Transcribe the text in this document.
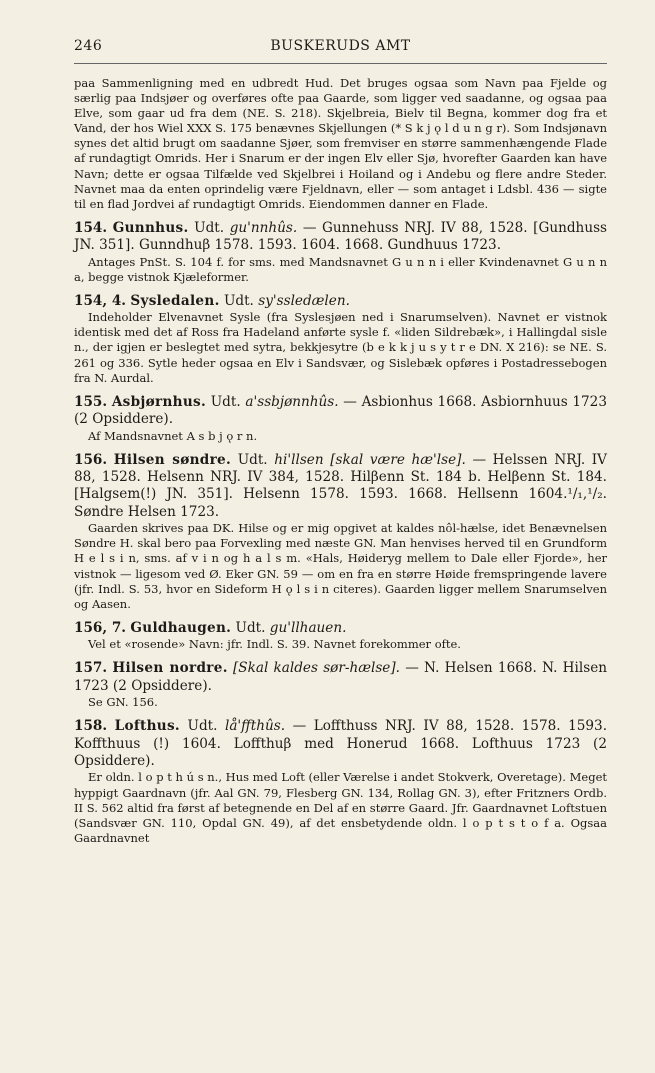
246	BUSKERUDS AMT

paa Sammenligning med en udbredt Hud. Det bruges ogsaa som Navn paa Fjelde og særlig paa Indsjøer og overføres ofte paa Gaarde, som ligger ved saadanne, og ogsaa paa Elve, som gaar ud fra dem (NE. S. 218). Skjelbreia, Bielv til Begna, kommer dog fra et Vand, der hos Wiel XXX S. 175 benævnes Skjellungen (* S k j ǫ l d u n g r). Som Indsjønavn synes det altid brugt om saadanne Sjøer, som fremviser en større sammenhængende Flade af rundagtigt Omrids. Her i Snarum er der ingen Elv eller Sjø, hvorefter Gaarden kan have Navn; dette er ogsaa Tilfælde ved Skjelbrei i Hoiland og i Andebu og flere andre Steder. Navnet maa da enten oprindelig være Fjeldnavn, eller — som antaget i Ldsbl. 436 — sigte til en flad Jordvei af rundagtigt Omrids. Eiendommen danner en Flade.

154. Gunnhus. Udt. gu'nnhûs. — Gunnehuss NRJ. IV 88, 1528. [Gundhuss JN. 351]. Gunndhuβ 1578. 1593. 1604. 1668. Gundhuus 1723.

Antages PnSt. S. 104 f. for sms. med Mandsnavnet G u n n i eller Kvindenavnet G u n n a, begge vistnok Kjæleformer.

154, 4. Sysledalen. Udt. sy'ssledælen.

Indeholder Elvenavnet Sysle (fra Syslesjøen ned i Snarumselven). Navnet er vistnok identisk med det af Ross fra Hadeland anførte sysle f. «liden Sildrebæk», i Hallingdal sisle n., der igjen er beslegtet med sytra, bekkjesytre (b e k k j u s y t r e DN. X 216): se NE. S. 261 og 336. Sytle heder ogsaa en Elv i Sandsvær, og Sislebæk opføres i Postadressebogen fra N. Aurdal.

155. Asbjørnhus. Udt. a'ssbjønnhûs. — Asbionhus 1668. Asbiornhuus 1723 (2 Opsiddere).

Af Mandsnavnet A s b j ǫ r n.

156. Hilsen søndre. Udt. hi'llsen [skal være hæ'lse]. — Helssen NRJ. IV 88, 1528. Helsenn NRJ. IV 384, 1528. Hilβenn St. 184 b. Helβenn St. 184. [Halgsem(!) JN. 351]. Helsenn 1578. 1593. 1668. Hellsenn 1604.¹/₁,¹/₂. Søndre Helsen 1723.

Gaarden skrives paa DK. Hilse og er mig opgivet at kaldes nôl-hælse, idet Benævnelsen Søndre H. skal bero paa Forvexling med næste GN. Man henvises herved til en Grundform H e l s i n, sms. af v i n og h a l s m. «Hals, Høideryg mellem to Dale eller Fjorde», her vistnok — ligesom ved Ø. Eker GN. 59 — om en fra en større Høide fremspringende lavere (jfr. Indl. S. 53, hvor en Sideform H ǫ l s i n citeres). Gaarden ligger mellem Snarumselven og Aasen.

156, 7. Guldhaugen. Udt. gu'llhauen.

Vel et «rosende» Navn: jfr. Indl. S. 39. Navnet forekommer ofte.

157. Hilsen nordre. [Skal kaldes sør-hælse]. — N. Helsen 1668. N. Hilsen 1723 (2 Opsiddere).

Se GN. 156.

158. Lofthus. Udt. lå'ffthûs. — Loffthuss NRJ. IV 88, 1528. 1578. 1593. Koffthuus (!) 1604. Loffthuβ med Honerud 1668. Lofthuus 1723 (2 Opsiddere).

Er oldn. l o p t h ú s n., Hus med Loft (eller Værelse i andet Stokverk, Overetage). Meget hyppigt Gaardnavn (jfr. Aal GN. 79, Flesberg GN. 134, Rollag GN. 3), efter Fritzners Ordb. II S. 562 altid fra først af betegnende en Del af en større Gaard. Jfr. Gaardnavnet Loftstuen (Sandsvær GN. 110, Opdal GN. 49), af det ensbetydende oldn. l o p t s t o f a. Ogsaa Gaardnavnet
